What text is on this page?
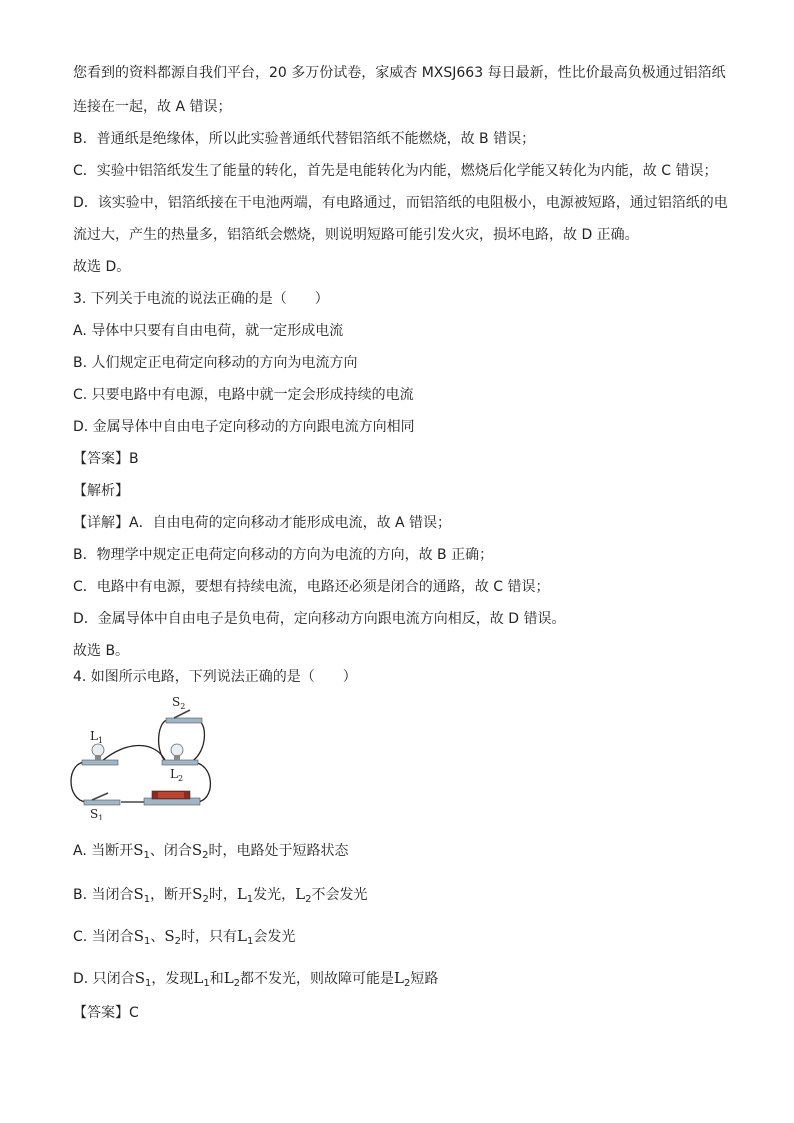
您看到的资料都源自我们平台，20 多万份试卷，家威杏 MXSJ663 每日最新，性比价最高负极通过铝箔纸
连接在一起，故 A 错误；
B．普通纸是绝缘体，所以此实验普通纸代替铝箔纸不能燃烧，故 B 错误；
C．实验中铝箔纸发生了能量的转化，首先是电能转化为内能，燃烧后化学能又转化为内能，故 C 错误；
D．该实验中，铝箔纸接在干电池两端，有电路通过，而铝箔纸的电阻极小，电源被短路，通过铝箔纸的电
流过大，产生的热量多，铝箔纸会燃烧，则说明短路可能引发火灾，损坏电路，故 D 正确。
故选 D。
3. 下列关于电流的说法正确的是（　　）
A. 导体中只要有自由电荷，就一定形成电流
B. 人们规定正电荷定向移动的方向为电流方向
C. 只要电路中有电源，电路中就一定会形成持续的电流
D. 金属导体中自由电子定向移动的方向跟电流方向相同
【答案】B
【解析】
【详解】A．自由电荷的定向移动才能形成电流，故 A 错误；
B．物理学中规定正电荷定向移动的方向为电流的方向，故 B 正确；
C．电路中有电源，要想有持续电流，电路还必须是闭合的通路，故 C 错误；
D．金属导体中自由电子是负电荷，定向移动方向跟电流方向相反，故 D 错误。
故选 B。
4. 如图所示电路，下列说法正确的是（　　）
$S_2$
$L_1$
$L_2$
$S_1$
A. 当断开$S_1$、闭合$S_2$时，电路处于短路状态
B. 当闭合$S_1$，断开$S_2$时，$L_1$发光，$L_2$不会发光
C. 当闭合$S_1$、$S_2$时，只有$L_1$会发光
D. 只闭合$S_1$，发现$L_1$和$L_2$都不发光，则故障可能是$L_2$短路
【答案】C
